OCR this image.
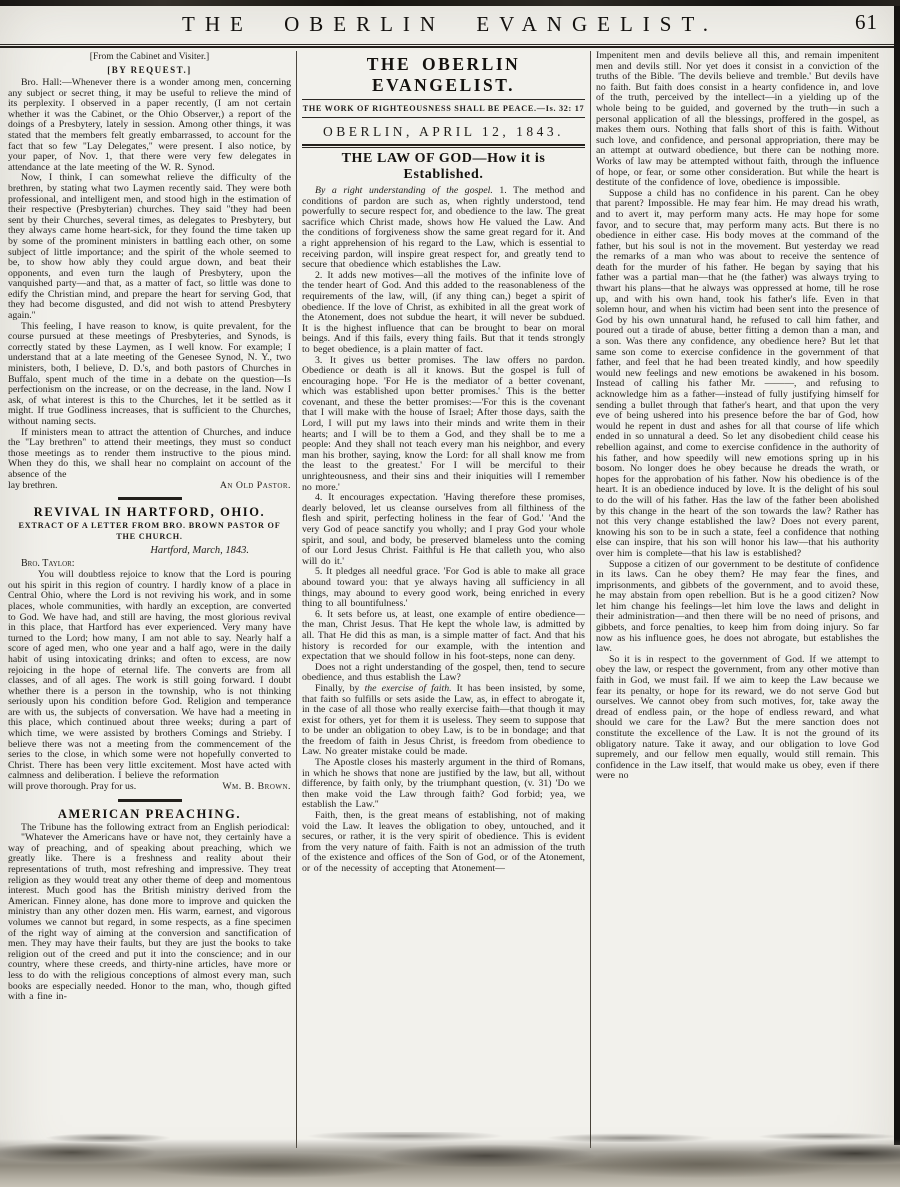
THE OBERLIN EVANGELIST.	61
[From the Cabinet and Visiter.]
[BY REQUEST.]

Bro. Hall:—Whenever there is a wonder among men, concerning any subject or secret thing, it may be useful to relieve the mind of its perplexity. I observed in a paper recently, (I am not certain whether it was the Cabinet, or the Ohio Observer,) a report of the doings of a Presbytery, lately in session. Among other things, it was stated that the members felt greatly embarrassed, to account for the fact that so few "Lay Delegates," were present. I also notice, by your paper, of Nov. 1, that there were very few delegates in attendance at the late meeting of the W. R. Synod.

Now, I think, I can somewhat relieve the difficulty of the brethren, by stating what two Laymen recently said. They were both professional, and intelligent men, and stood high in the estimation of their respective (Presbyterian) churches. They said "they had been sent by their Churches, several times, as delegates to Presbytery, but they always came home heart-sick, for they found the time taken up by some of the prominent ministers in battling each other, on some subject of little importance; and the spirit of the whole seemed to be, to show how ably they could argue down, and beat their opponents, and even turn the laugh of Presbytery, upon the vanquished party—and that, as a matter of fact, so little was done to edify the Christian mind, and prepare the heart for serving God, that they had become disgusted, and did not wish to attend Presbytery again."

This feeling, I have reason to know, is quite prevalent, for the course pursued at these meetings of Presbyteries, and Synods, is correctly stated by these Laymen, as I well know. For example; I understand that at a late meeting of the Genesee Synod, N. Y., two ministers, both, I believe, D. D.'s, and both pastors of Churches in Buffalo, spent much of the time in a debate on the question—Is perfectionism on the increase, or on the decrease, in the land. Now I ask, of what interest is this to the Churches, let it be settled as it might. If true Godliness increases, that is sufficient to the Churches, without naming sects.

If ministers mean to attract the attention of Churches, and induce the "Lay brethren" to attend their meetings, they must so conduct those meetings as to render them instructive to the pious mind. When they do this, we shall hear no complaint on account of the absence of the

lay brethren.	An Old Pastor.
REVIVAL IN HARTFORD, OHIO.
EXTRACT OF A LETTER FROM BRO. BROWN PASTOR OF THE CHURCH.
Hartford, March, 1843.
Bro. Taylor:

You will doubtless rejoice to know that the Lord is pouring out his spirit in this region of country. I hardly know of a place in Central Ohio, where the Lord is not reviving his work, and in some places, whole communities, with hardly an exception, are converted to God. We have had, and still are having, the most glorious revival in this place, that Hartford has ever experienced. Very many have turned to the Lord; how many, I am not able to say. Nearly half a score of aged men, who one year and a half ago, were in the daily habit of using intoxicating drinks; and often to excess, are now rejoicing in the hope of eternal life. The converts are from all classes, and of all ages. The work is still going forward. I doubt whether there is a person in the township, who is not thinking seriously upon his condition before God. Religion and temperance are with us, the subjects of conversation. We have had a meeting in this place, which continued about three weeks; during a part of which time, we were assisted by brothers Comings and Strieby. I believe there was not a meeting from the commencement of the series to the close, in which some were not hopefully converted to Christ. There has been very little excitement. Most have acted with calmness and deliberation. I believe the reformation

will prove thorough. Pray for us.	Wm. B. Brown.
AMERICAN PREACHING.

The Tribune has the following extract from an English periodical:

"Whatever the Americans have or have not, they certainly have a way of preaching, and of speaking about preaching, which we greatly like. There is a freshness and reality about their representations of truth, most refreshing and impressive. They treat religion as they would treat any other theme of deep and momentous interest. Much good has the British ministry derived from the American. Finney alone, has done more to improve and quicken the ministry than any other dozen men. His warm, earnest, and vigorous volumes we cannot but regard, in some respects, as a fine specimen of the right way of aiming at the conversion and sanctification of men. They may have their faults, but they are just the books to take religion out of the creed and put it into the conscience; and in our country, where these creeds, and thirty-nine articles, have more or less to do with the religious conceptions of almost every man, such books are especially needed. Honor to the man, who, though gifted with a fine in-

THE OBERLIN EVANGELIST.
THE WORK OF RIGHTEOUSNESS SHALL BE PEACE.—Is. 32: 17
OBERLIN, APRIL 12, 1843.
THE LAW OF GOD—How it is Established.

By a right understanding of the gospel. 1. The method and conditions of pardon are such as, when rightly understood, tend powerfully to secure respect for, and obedience to the law. The great sacrifice which Christ made, shows how He valued the Law. And the conditions of forgiveness show the same great regard for it. And a right apprehension of his regard to the Law, which is essential to receiving pardon, will inspire great respect for, and greatly tend to secure that obedience which establishes the Law.

2. It adds new motives—all the motives of the infinite love of the tender heart of God. And this added to the reasonableness of the requirements of the law, will, (if any thing can,) beget a spirit of obedience. If the love of Christ, as exhibited in all the great work of the Atonement, does not subdue the heart, it will never be subdued. It is the highest influence that can be brought to bear on moral beings. And if this fails, every thing fails. But that it tends strongly to beget obedience, is a plain matter of fact.

3. It gives us better promises. The law offers no pardon. Obedience or death is all it knows. But the gospel is full of encouraging hope. 'For He is the mediator of a better covenant, which was established upon better promises.' This is the better covenant, and these the better promises:—'For this is the covenant that I will make with the house of Israel; After those days, saith the Lord, I will put my laws into their minds and write them in their hearts; and I will be to them a God, and they shall be to me a people: And they shall not teach every man his neighbor, and every man his brother, saying, know the Lord: for all shall know me from the least to the greatest.' For I will be merciful to their unrighteousness, and their sins and their iniquities will I remember no more.'

4. It encourages expectation. 'Having therefore these promises, dearly beloved, let us cleanse ourselves from all filthiness of the flesh and spirit, perfecting holiness in the fear of God.' 'And the very God of peace sanctify you wholly; and I pray God your whole spirit, and soul, and body, be preserved blameless unto the coming of our Lord Jesus Christ. Faithful is He that calleth you, who also will do it.'

5. It pledges all needful grace. 'For God is able to make all grace abound toward you: that ye always having all sufficiency in all things, may abound to every good work, being enriched in every thing to all bountifulness.'

6. It sets before us, at least, one example of entire obedience—the man, Christ Jesus. That He kept the whole law, is admitted by all. That He did this as man, is a simple matter of fact. And that his history is recorded for our example, with the intention and expectation that we should follow in his foot-steps, none can deny.

Does not a right understanding of the gospel, then, tend to secure obedience, and thus establish the Law?

Finally, by the exercise of faith. It has been insisted, by some, that faith so fulfills or sets aside the Law, as, in effect to abrogate it, in the case of all those who really exercise faith—that though it may exist for others, yet for them it is useless. They seem to suppose that to be under an obligation to obey Law, is to be in bondage; and that the freedom of faith in Jesus Christ, is freedom from obedience to Law. No greater mistake could be made.

The Apostle closes his masterly argument in the third of Romans, in which he shows that none are justified by the law, but all, without difference, by faith only, by the triumphant question, (v. 31) 'Do we then make void the Law through faith? God forbid; yea, we establish the Law."

Faith, then, is the great means of establishing, not of making void the Law. It leaves the obligation to obey, untouched, and it secures, or rather, it is the very spirit of obedience. This is evident from the very nature of faith. Faith is not an admission of the truth of the existence and offices of the Son of God, or of the Atonement, or of the necessity of accepting that Atonement—

Impenitent men and devils believe all this, and remain impenitent men and devils still. Nor yet does it consist in a conviction of the truths of the Bible. 'The devils believe and tremble.' But devils have no faith. But faith does consist in a hearty confidence in, and love of the truth, perceived by the intellect—in a yielding up of the whole being to be guided, and governed by the truth—in such a personal application of all the blessings, proffered in the gospel, as makes them ours. Nothing that falls short of this is faith. Without such love, and confidence, and personal appropriation, there may be an attempt at outward obedience, but there can be nothing more. Works of law may be attempted without faith, through the influence of hope, or fear, or some other consideration. But while the heart is destitute of the confidence of love, obedience is impossible.

Suppose a child has no confidence in his parent. Can he obey that parent? Impossible. He may fear him. He may dread his wrath, and to avert it, may perform many acts. He may hope for some favor, and to secure that, may perform many acts. But there is no obedience in either case. His body moves at the command of the father, but his soul is not in the movement. But yesterday we read the remarks of a man who was about to receive the sentence of death for the murder of his father. He began by saying that his father was a partial man—that he (the father) was always trying to thwart his plans—that he always was oppressed at home, till he rose up, and with his own hand, took his father's life. Even in that solemn hour, and when his victim had been sent into the presence of God by his own unnatural hand, he refused to call him father, and poured out a tirade of abuse, better fitting a demon than a man, and a son. Was there any confidence, any obedience here? But let that same son come to exercise confidence in the government of that father, and feel that he had been treated kindly, and how speedily would new feelings and new emotions be awakened in his bosom. Instead of calling his father Mr. ———, and refusing to acknowledge him as a father—instead of fully justifying himself for sending a bullet through that father's heart, and that upon the very eve of being ushered into his presence before the bar of God, how would he repent in dust and ashes for all that course of life which ended in so unnatural a deed. So let any disobedient child cease his rebellion against, and come to exercise confidence in the authority of his father, and how speedily will new emotions spring up in his bosom. No longer does he obey because he dreads the wrath, or hopes for the approbation of his father. Now his obedience is of the heart. It is an obedience induced by love. It is the delight of his soul to do the will of his father. Has the law of the father been abolished by this change in the heart of the son towards the law? Rather has not this very change established the law? Does not every parent, knowing his son to be in such a state, feel a confidence that nothing else can inspire, that his son will honor his law—that his authority over him is complete—that his law is established?

Suppose a citizen of our government to be destitute of confidence in its laws. Can he obey them? He may fear the fines, and imprisonments, and gibbets of the government, and to avoid these, he may abstain from open rebellion. But is he a good citizen? Now let him change his feelings—let him love the laws and delight in their administration—and then there will be no need of prisons, and gibbets, and force penalties, to keep him from doing injury. So far now as his influence goes, he does not abrogate, but establishes the law.

So it is in respect to the government of God. If we attempt to obey the law, or respect the government, from any other motive than faith in God, we must fail. If we aim to keep the Law because we fear its penalty, or hope for its reward, we do not serve God but ourselves. We cannot obey from such motives, for, take away the dread of endless pain, or the hope of endless reward, and what should we care for the Law? But the mere sanction does not constitute the excellence of the Law. It is not the ground of its obligatory nature. Take it away, and our obligation to love God supremely, and our fellow men equally, would still remain. This confidence in the Law itself, that would make us obey, even if there were no
